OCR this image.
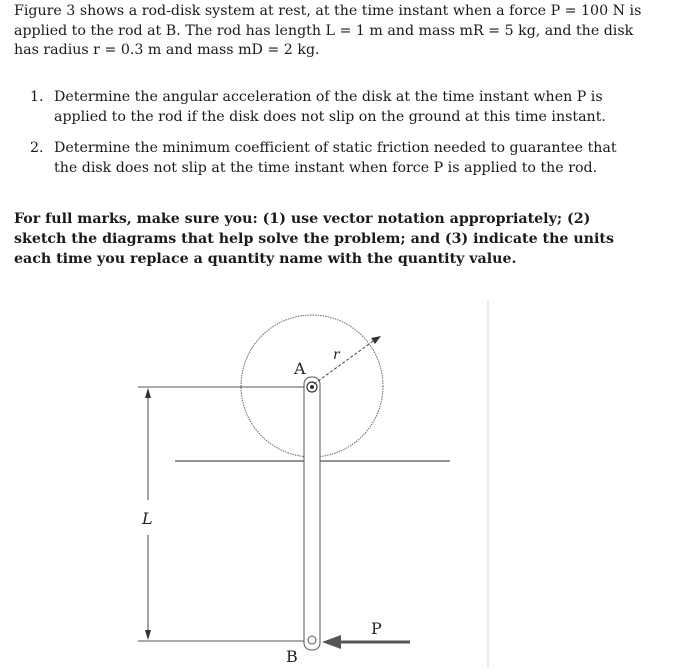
Figure 3 shows a rod-disk system at rest, at the time instant when a force P = 100 N is applied to the rod at B. The rod has length L = 1 m and mass mR = 5 kg, and the disk has radius r = 0.3 m and mass mD = 2 kg.
1. Determine the angular acceleration of the disk at the time instant when P is applied to the rod if the disk does not slip on the ground at this time instant.
2. Determine the minimum coefficient of static friction needed to guarantee that the disk does not slip at the time instant when force P is applied to the rod.
For full marks, make sure you: (1) use vector notation appropriately; (2) sketch the diagrams that help solve the problem; and (3) indicate the units each time you replace a quantity name with the quantity value.
A
r
L
P
B
